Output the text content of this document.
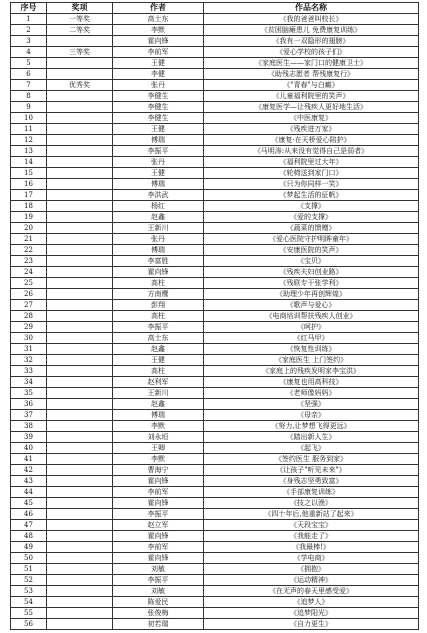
序号	奖项	作者	作品名称
1	一等奖	高士东	《我的爸爸叫校长》
2	二等奖	李默	《贫困脑瘫患儿 免费康复训练》
3		霍向锋	《我有一双隐形的翅膀》
4	三等奖	李前军	《爱心学校的孩子们》
5		王健	《家庭医生——家门口的健康卫士》
6		李健	《助残志愿者 帮残康复行》
7	优秀奖	张丹	《"青春"与白癜》
8		李健生	《儿童福利院里的笑声》
9		李健生	《康复医学—让残疾人更好地生活》
10		李健生	《中医康复》
11		王健	《残疾进万家》
12		傅瑞	《康复·在天桥爱心陪护》
13		李振平	《马明涛:从来没有觉得自己是弱者》
14		张丹	《福利院里过大年》
15		王健	《轮椅送到家门口》
16		傅瑞	《只为你同样一笑》
17		李洪武	《梦起生活的征帆》
18		杨红	《支撑》
19		赵鑫	《爱的支撑》
20		王新川	《蔬菜的馈赠》
21		张丹	《爱心医院守护明眸童年》
22		傅瑞	《安康医院的笑声》
23		李富胜	《宝贝》
24		霍向锋	《残疾夫妇创业路》
25		高柱	《残联专干张学利》
26		方南鹰	《助理少年再创辉煌》
27		彭翔	《歌声与爱心》
28		高柱	《电商培训帮扶残疾人创业》
29		李振平	《呵护》
30		高士东	《红马甲》
31		赵鑫	《恢复性训练》
32		王健	《家庭医生 上门签约》
33		高柱	《家庭上的残疾发明家李宝洪》
34		赵利军	《康复也用高科技》
35		王新川	《老师像妈妈》
36		赵鑫	《坚强》
37		傅瑞	《母亲》
38		李默	《努力,让梦想飞得更远》
39		刘永垣	《踏出新人生》
40		王卿	《起飞》
41		李默	《签约医生 服务到家》
42		曹海宁	《让孩子"听见未来"》
43		霍向锋	《身残志坚勇致富》
44		李前军	《手部康复训练》
45		霍向锋	《技之以渔》
46		李振平	《四十年后,他重新站了起来》
47		赵立军	《天段宝宝》
48		霍向锋	《我能走了》
49		李前军	《我最棒!》
50		霍向锋	《学电商》
51		刘敏	《拥抱》
52		李振平	《运动精神》
53		刘敏	《在无声的春天里感受爱》
54		陈爱民	《追梦人》
55		张俊梅	《追梦阳光》
56		初若瑞	《自力更生》
